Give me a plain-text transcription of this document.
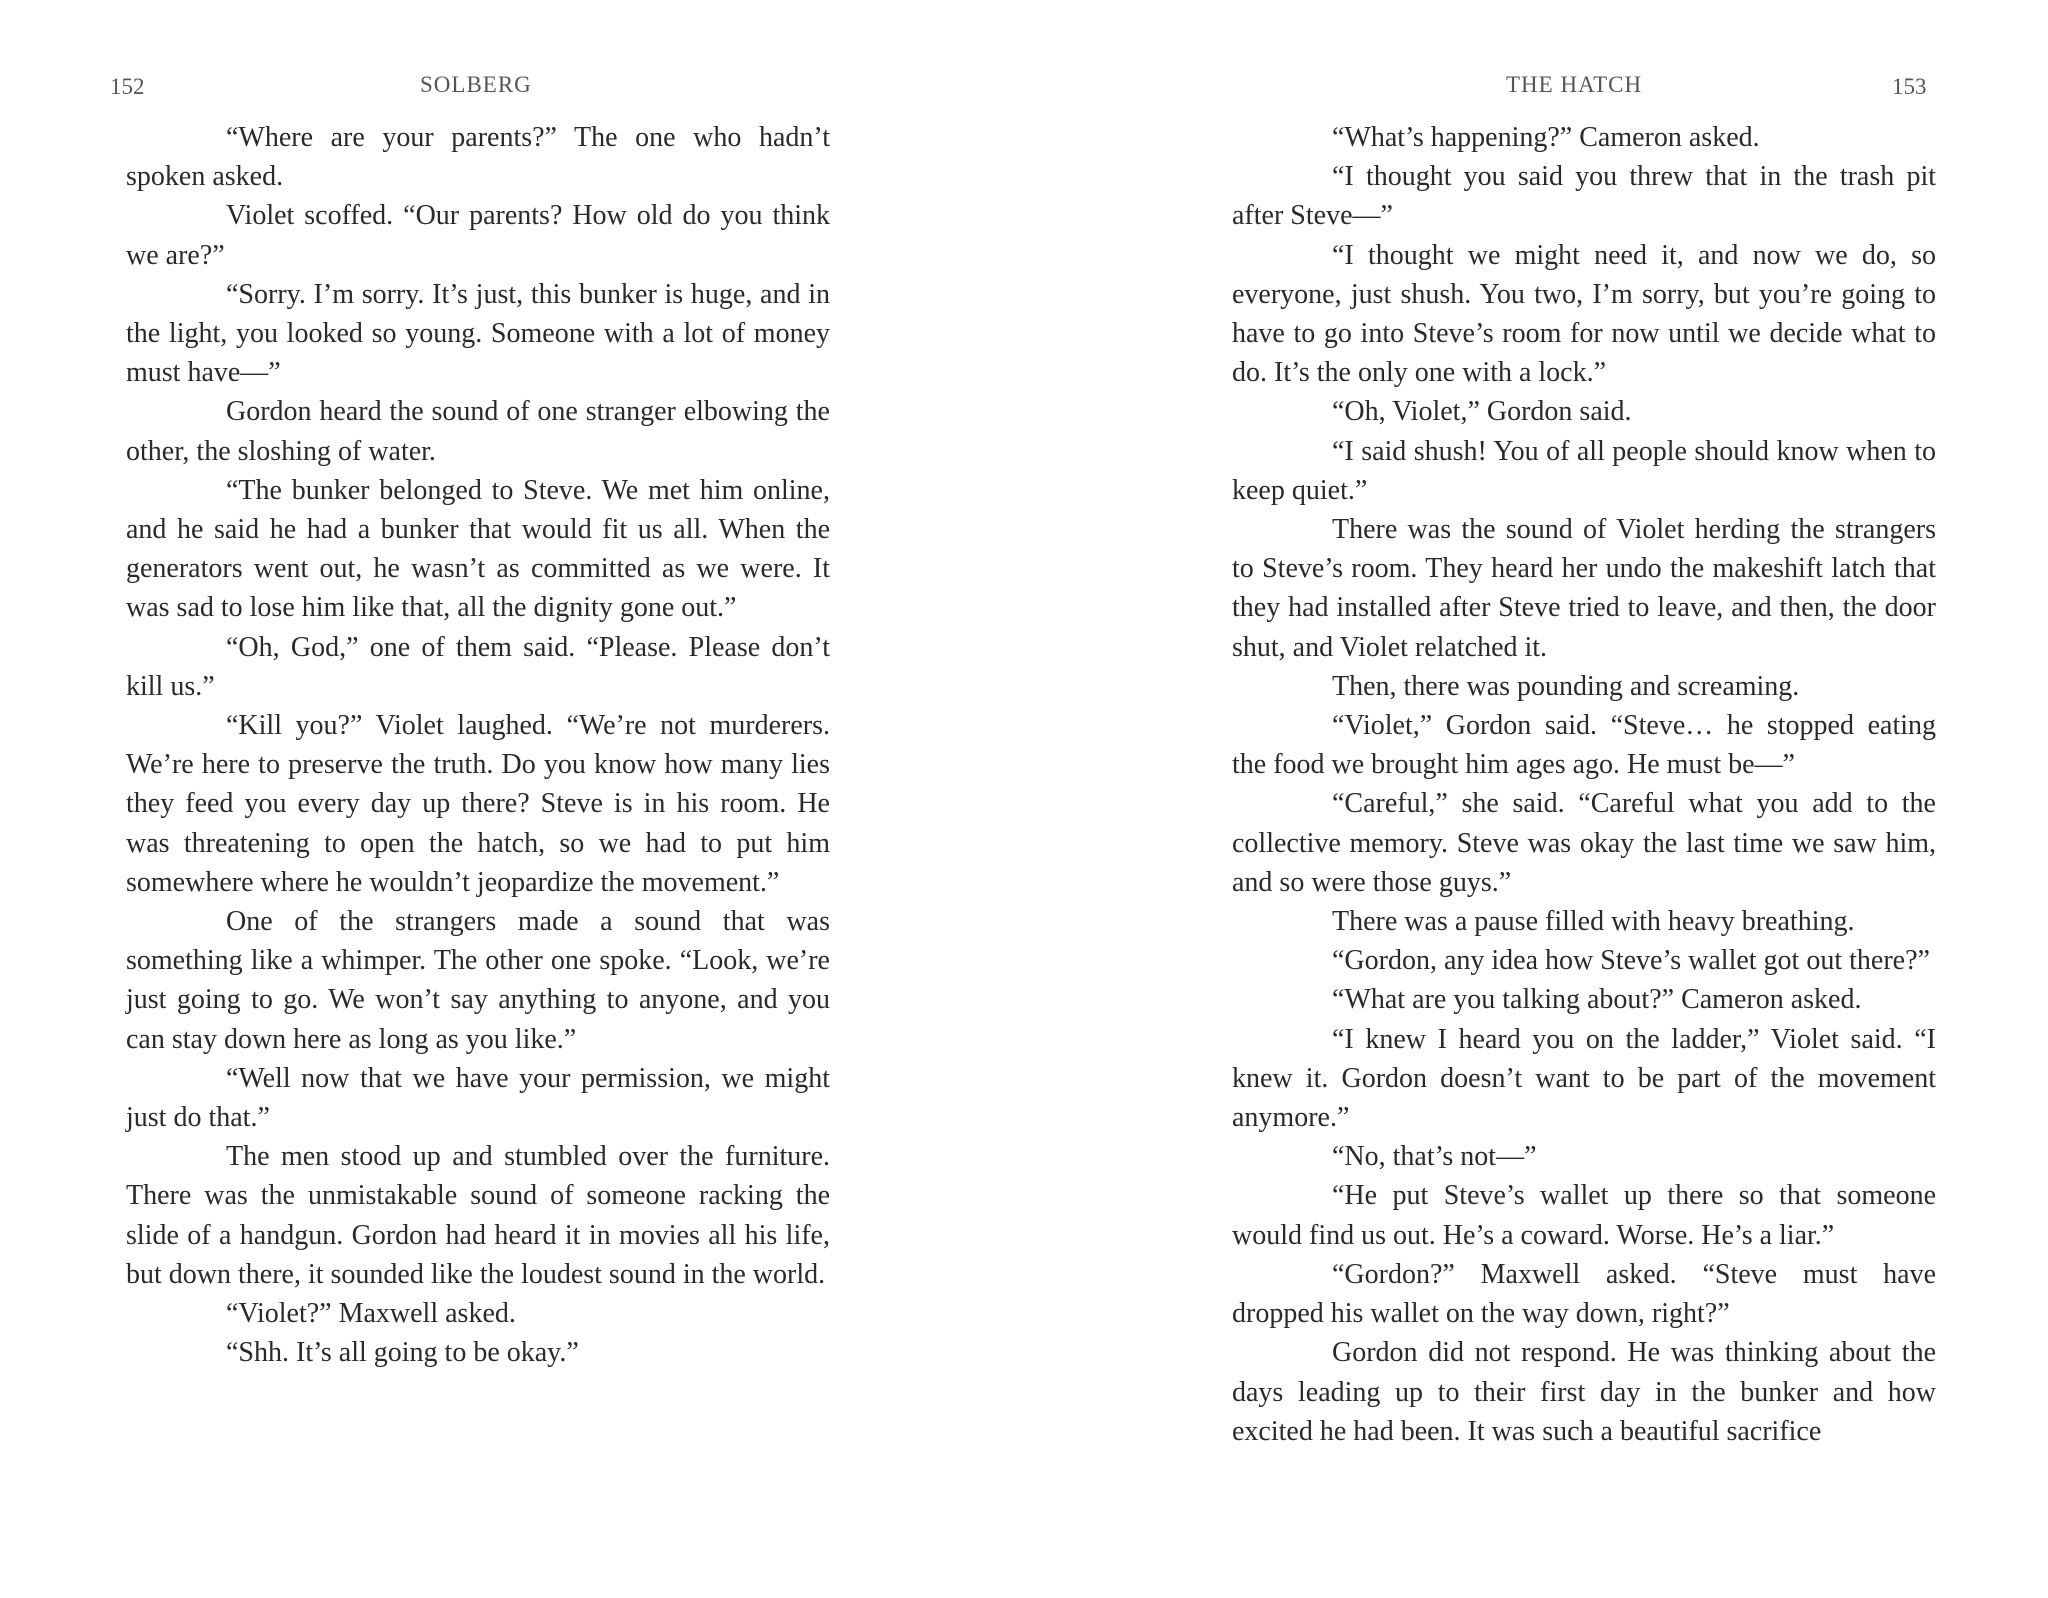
152	SOLBERG

“Where are your parents?” The one who hadn’t spoken asked.

Violet scoffed. “Our parents? How old do you think we are?”

“Sorry. I’m sorry. It’s just, this bunker is huge, and in the light, you looked so young. Someone with a lot of money must have—”

Gordon heard the sound of one stranger elbowing the other, the sloshing of water.

“The bunker belonged to Steve. We met him online, and he said he had a bunker that would fit us all. When the generators went out, he wasn’t as committed as we were. It was sad to lose him like that, all the dignity gone out.”

“Oh, God,” one of them said. “Please. Please don’t kill us.”

“Kill you?” Violet laughed. “We’re not murderers. We’re here to preserve the truth. Do you know how many lies they feed you every day up there? Steve is in his room. He was threatening to open the hatch, so we had to put him somewhere where he wouldn’t jeopardize the movement.”

One of the strangers made a sound that was something like a whimper. The other one spoke. “Look, we’re just going to go. We won’t say anything to anyone, and you can stay down here as long as you like.”

“Well now that we have your permission, we might just do that.”

The men stood up and stumbled over the furniture. There was the unmistakable sound of someone racking the slide of a handgun. Gordon had heard it in movies all his life, but down there, it sounded like the loudest sound in the world.

“Violet?” Maxwell asked.

“Shh. It’s all going to be okay.”

THE HATCH	153

“What’s happening?” Cameron asked.

“I thought you said you threw that in the trash pit after Steve—”

“I thought we might need it, and now we do, so everyone, just shush. You two, I’m sorry, but you’re going to have to go into Steve’s room for now until we decide what to do. It’s the only one with a lock.”

“Oh, Violet,” Gordon said.

“I said shush! You of all people should know when to keep quiet.”

There was the sound of Violet herding the strangers to Steve’s room. They heard her undo the makeshift latch that they had installed after Steve tried to leave, and then, the door shut, and Violet relatched it.

Then, there was pounding and screaming.

“Violet,” Gordon said. “Steve… he stopped eating the food we brought him ages ago. He must be—”

“Careful,” she said. “Careful what you add to the collective memory. Steve was okay the last time we saw him, and so were those guys.”

There was a pause filled with heavy breathing.

“Gordon, any idea how Steve’s wallet got out there?”

“What are you talking about?” Cameron asked.

“I knew I heard you on the ladder,” Violet said. “I knew it. Gordon doesn’t want to be part of the movement anymore.”

“No, that’s not—”

“He put Steve’s wallet up there so that someone would find us out. He’s a coward. Worse. He’s a liar.”

“Gordon?” Maxwell asked. “Steve must have dropped his wallet on the way down, right?”

Gordon did not respond. He was thinking about the days leading up to their first day in the bunker and how excited he had been. It was such a beautiful sacrifice
